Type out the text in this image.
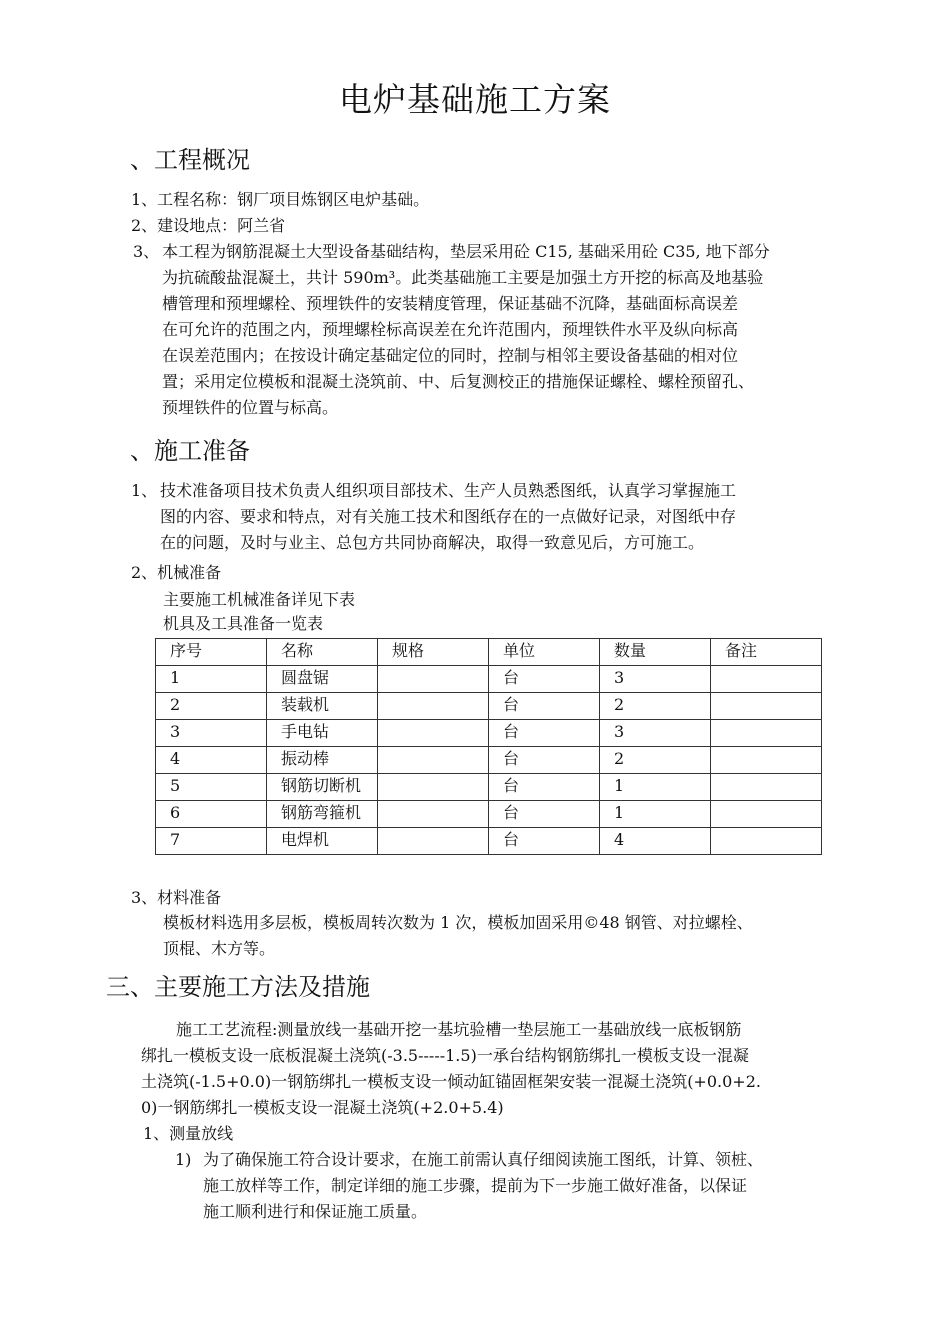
电炉基础施工方案
、工程概况
1、工程名称：钢厂项目炼钢区电炉基础。
2、建设地点：阿兰省
3、 本工程为钢筋混凝土大型设备基础结构，垫层采用砼 C15, 基础采用砼 C35, 地下部分
为抗硫酸盐混凝土，共计 590m³。此类基础施工主要是加强土方开挖的标高及地基验
槽管理和预埋螺栓、预埋铁件的安装精度管理，保证基础不沉降，基础面标高误差
在可允许的范围之内，预埋螺栓标高误差在允许范围内，预埋铁件水平及纵向标高
在误差范围内；在按设计确定基础定位的同时，控制与相邻主要设备基础的相对位
置；采用定位模板和混凝土浇筑前、中、后复测校正的措施保证螺栓、螺栓预留孔、
预埋铁件的位置与标高。
、施工准备
1、 技术准备项目技术负责人组织项目部技术、生产人员熟悉图纸，认真学习掌握施工
图的内容、要求和特点，对有关施工技术和图纸存在的一点做好记录，对图纸中存
在的问题，及时与业主、总包方共同协商解决，取得一致意见后，方可施工。
2、机械准备
主要施工机械准备详见下表
机具及工具准备一览表
序号	名称	规格	单位	数量	备注
1	圆盘锯		台	3	
2	装载机		台	2	
3	手电钻		台	3	
4	振动棒		台	2	
5	钢筋切断机		台	1	
6	钢筋弯箍机		台	1	
7	电焊机		台	4	
3、材料准备
模板材料选用多层板，模板周转次数为 1 次，模板加固采用©48 钢管、对拉螺栓、
顶棍、木方等。
三、主要施工方法及措施
施工工艺流程:测量放线一基础开挖一基坑验槽一垫层施工一基础放线一底板钢筋
绑扎一模板支设一底板混凝土浇筑(-3.5-----1.5)一承台结构钢筋绑扎一模板支设一混凝
土浇筑(-1.5+0.0)一钢筋绑扎一模板支设一倾动缸锚固框架安装一混凝土浇筑(+0.0+2.
0)一钢筋绑扎一模板支设一混凝土浇筑(+2.0+5.4)
1、测量放线
1) 为了确保施工符合设计要求，在施工前需认真仔细阅读施工图纸，计算、领桩、
施工放样等工作，制定详细的施工步骤，提前为下一步施工做好准备，以保证
施工顺利进行和保证施工质量。
